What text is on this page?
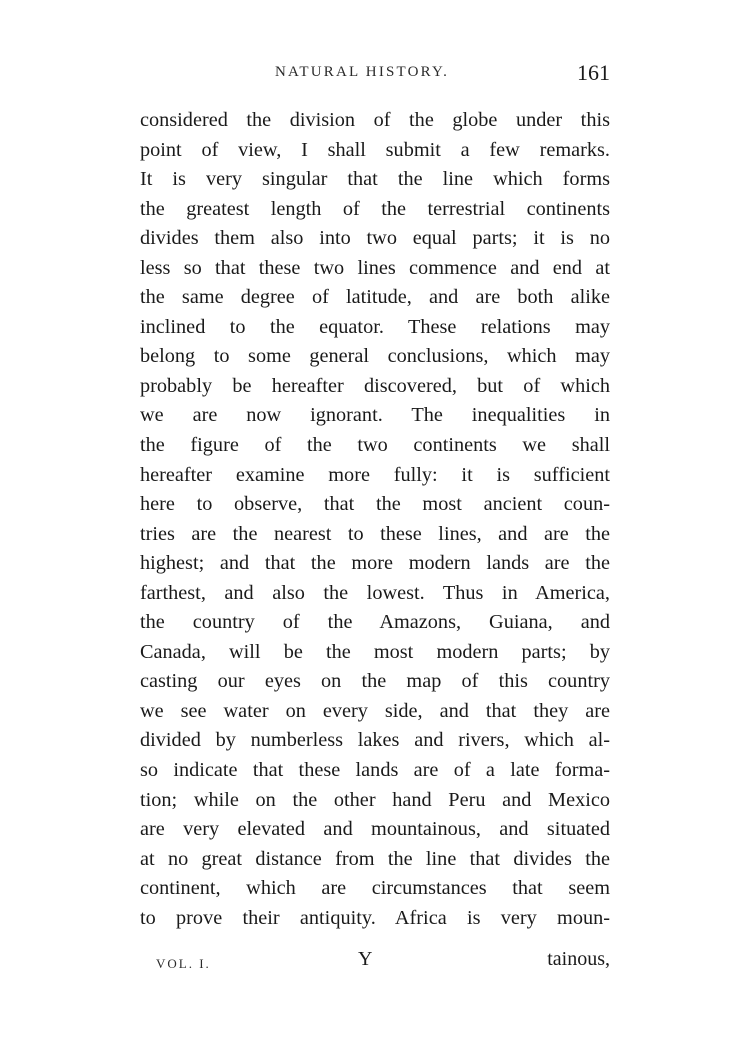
NATURAL HISTORY.	161
considered the division of the globe under this
point of view, I shall submit a few remarks.
It is very singular that the line which forms
the greatest length of the terrestrial continents
divides them also into two equal parts; it is no
less so that these two lines commence and end at
the same degree of latitude, and are both alike
inclined to the equator. These relations may
belong to some general conclusions, which may
probably be hereafter discovered, but of which
we are now ignorant. The inequalities in
the figure of the two continents we shall
hereafter examine more fully: it is sufficient
here to observe, that the most ancient coun-
tries are the nearest to these lines, and are the
highest; and that the more modern lands are the
farthest, and also the lowest. Thus in America,
the country of the Amazons, Guiana, and
Canada, will be the most modern parts; by
casting our eyes on the map of this country
we see water on every side, and that they are
divided by numberless lakes and rivers, which al-
so indicate that these lands are of a late forma-
tion; while on the other hand Peru and Mexico
are very elevated and mountainous, and situated
at no great distance from the line that divides the
continent, which are circumstances that seem
to prove their antiquity. Africa is very moun-
VOL. I.	Y	tainous,
